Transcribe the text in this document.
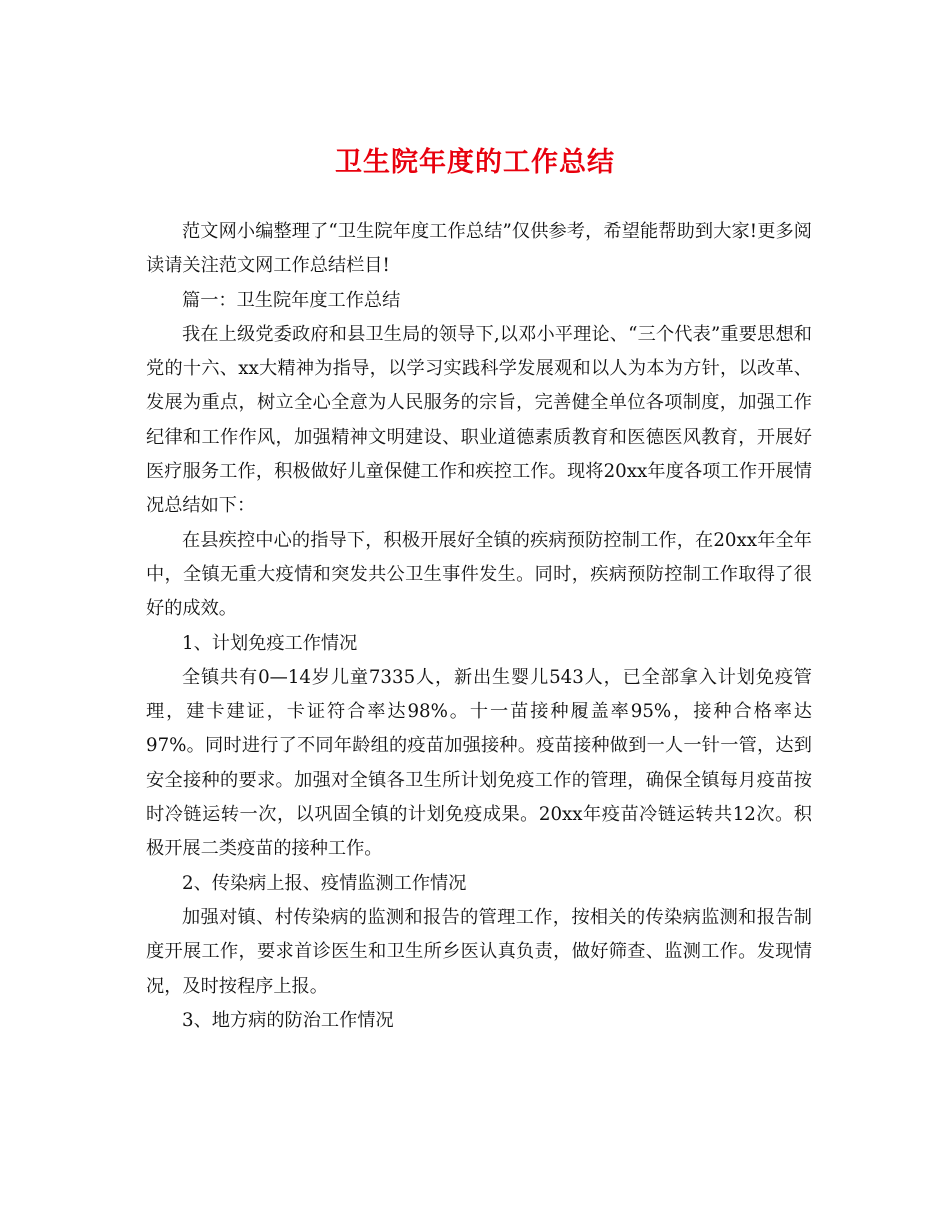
卫生院年度的工作总结

范文网小编整理了“卫生院年度工作总结”仅供参考，希望能帮助到大家!更多阅读请关注范文网工作总结栏目!

篇一：卫生院年度工作总结

我在上级党委政府和县卫生局的领导下,以邓小平理论、“三个代表”重要思想和党的十六、xx大精神为指导，以学习实践科学发展观和以人为本为方针，以改革、发展为重点，树立全心全意为人民服务的宗旨，完善健全单位各项制度，加强工作纪律和工作作风，加强精神文明建设、职业道德素质教育和医德医风教育，开展好医疗服务工作，积极做好儿童保健工作和疾控工作。现将20xx年度各项工作开展情况总结如下：

在县疾控中心的指导下，积极开展好全镇的疾病预防控制工作，在20xx年全年中，全镇无重大疫情和突发共公卫生事件发生。同时，疾病预防控制工作取得了很好的成效。

1、计划免疫工作情况

全镇共有0—14岁儿童7335人，新出生婴儿543人，已全部拿入计划免疫管理，建卡建证，卡证符合率达98%。十一苗接种履盖率95%，接种合格率达97%。同时进行了不同年龄组的疫苗加强接种。疫苗接种做到一人一针一管，达到安全接种的要求。加强对全镇各卫生所计划免疫工作的管理，确保全镇每月疫苗按时冷链运转一次，以巩固全镇的计划免疫成果。20xx年疫苗冷链运转共12次。积极开展二类疫苗的接种工作。

2、传染病上报、疫情监测工作情况

加强对镇、村传染病的监测和报告的管理工作，按相关的传染病监测和报告制度开展工作，要求首诊医生和卫生所乡医认真负责，做好筛查、监测工作。发现情况，及时按程序上报。

3、地方病的防治工作情况
